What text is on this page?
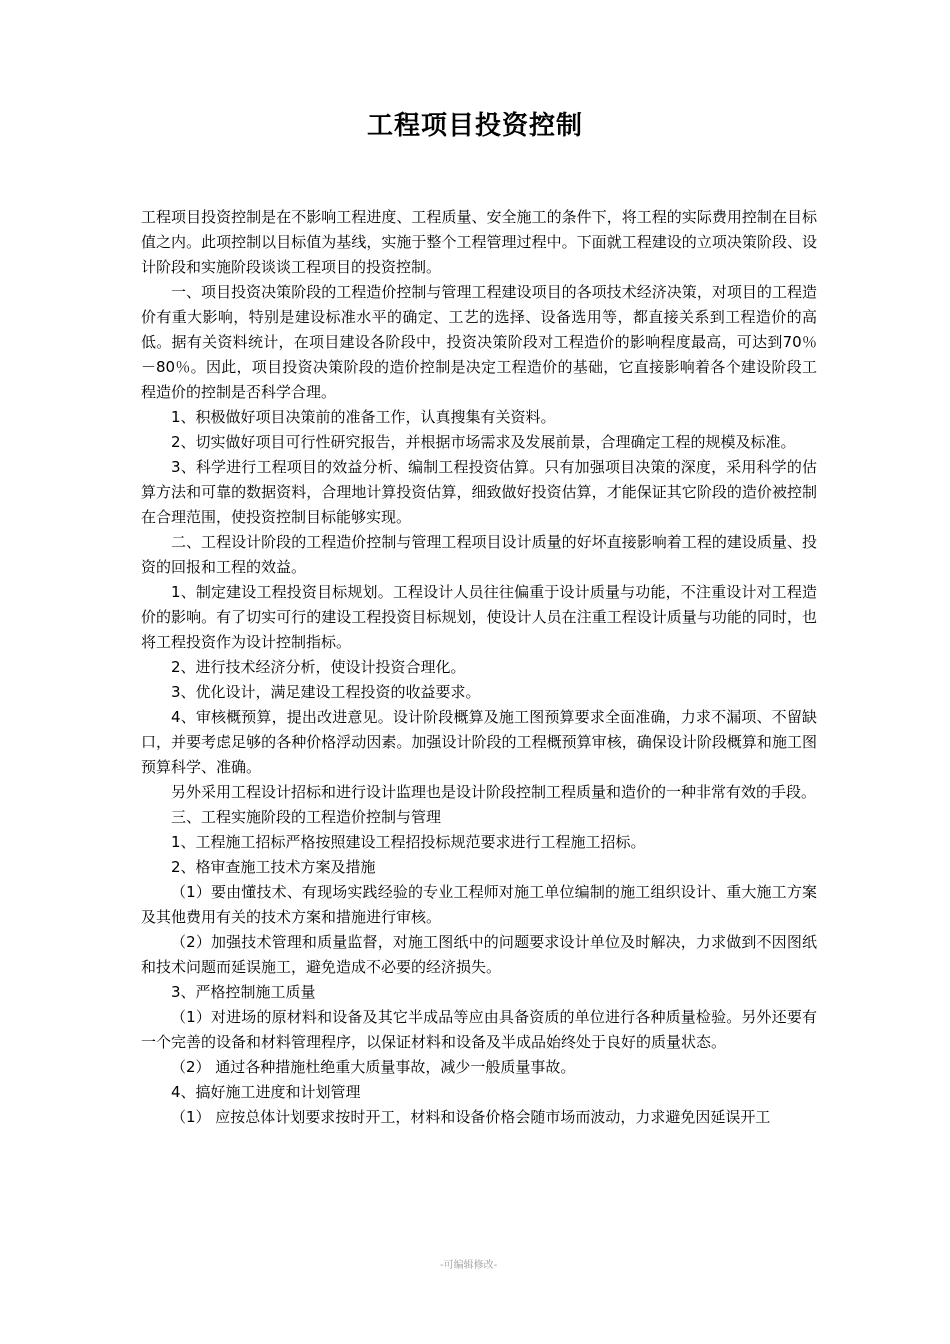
工程项目投资控制

工程项目投资控制是在不影响工程进度、工程质量、安全施工的条件下，将工程的实际费用控制在目标值之内。此项控制以目标值为基线，实施于整个工程管理过程中。下面就工程建设的立项决策阶段、设计阶段和实施阶段谈谈工程项目的投资控制。

一、项目投资决策阶段的工程造价控制与管理工程建设项目的各项技术经济决策，对项目的工程造价有重大影响，特别是建设标准水平的确定、工艺的选择、设备选用等，都直接关系到工程造价的高低。据有关资料统计，在项目建设各阶段中，投资决策阶段对工程造价的影响程度最高，可达到70％－80％。因此，项目投资决策阶段的造价控制是决定工程造价的基础，它直接影响着各个建设阶段工程造价的控制是否科学合理。

1、积极做好项目决策前的准备工作，认真搜集有关资料。

2、切实做好项目可行性研究报告，并根据市场需求及发展前景，合理确定工程的规模及标准。

3、科学进行工程项目的效益分析、编制工程投资估算。只有加强项目决策的深度，采用科学的估算方法和可靠的数据资料，合理地计算投资估算，细致做好投资估算，才能保证其它阶段的造价被控制在合理范围，使投资控制目标能够实现。

二、工程设计阶段的工程造价控制与管理工程项目设计质量的好坏直接影响着工程的建设质量、投资的回报和工程的效益。

1、制定建设工程投资目标规划。工程设计人员往往偏重于设计质量与功能，不注重设计对工程造价的影响。有了切实可行的建设工程投资目标规划，使设计人员在注重工程设计质量与功能的同时，也将工程投资作为设计控制指标。

2、进行技术经济分析，使设计投资合理化。

3、优化设计，满足建设工程投资的收益要求。

4、审核概预算，提出改进意见。设计阶段概算及施工图预算要求全面准确，力求不漏项、不留缺口，并要考虑足够的各种价格浮动因素。加强设计阶段的工程概预算审核，确保设计阶段概算和施工图预算科学、准确。

另外采用工程设计招标和进行设计监理也是设计阶段控制工程质量和造价的一种非常有效的手段。

三、工程实施阶段的工程造价控制与管理

1、工程施工招标严格按照建设工程招投标规范要求进行工程施工招标。

2、格审查施工技术方案及措施

（1）要由懂技术、有现场实践经验的专业工程师对施工单位编制的施工组织设计、重大施工方案及其他费用有关的技术方案和措施进行审核。

（2）加强技术管理和质量监督，对施工图纸中的问题要求设计单位及时解决，力求做到不因图纸和技术问题而延误施工，避免造成不必要的经济损失。

3、严格控制施工质量

（1）对进场的原材料和设备及其它半成品等应由具备资质的单位进行各种质量检验。另外还要有一个完善的设备和材料管理程序，以保证材料和设备及半成品始终处于良好的质量状态。

（2） 通过各种措施杜绝重大质量事故，减少一般质量事故。

4、搞好施工进度和计划管理

（1） 应按总体计划要求按时开工，材料和设备价格会随市场而波动，力求避免因延误开工

-可编辑修改-
